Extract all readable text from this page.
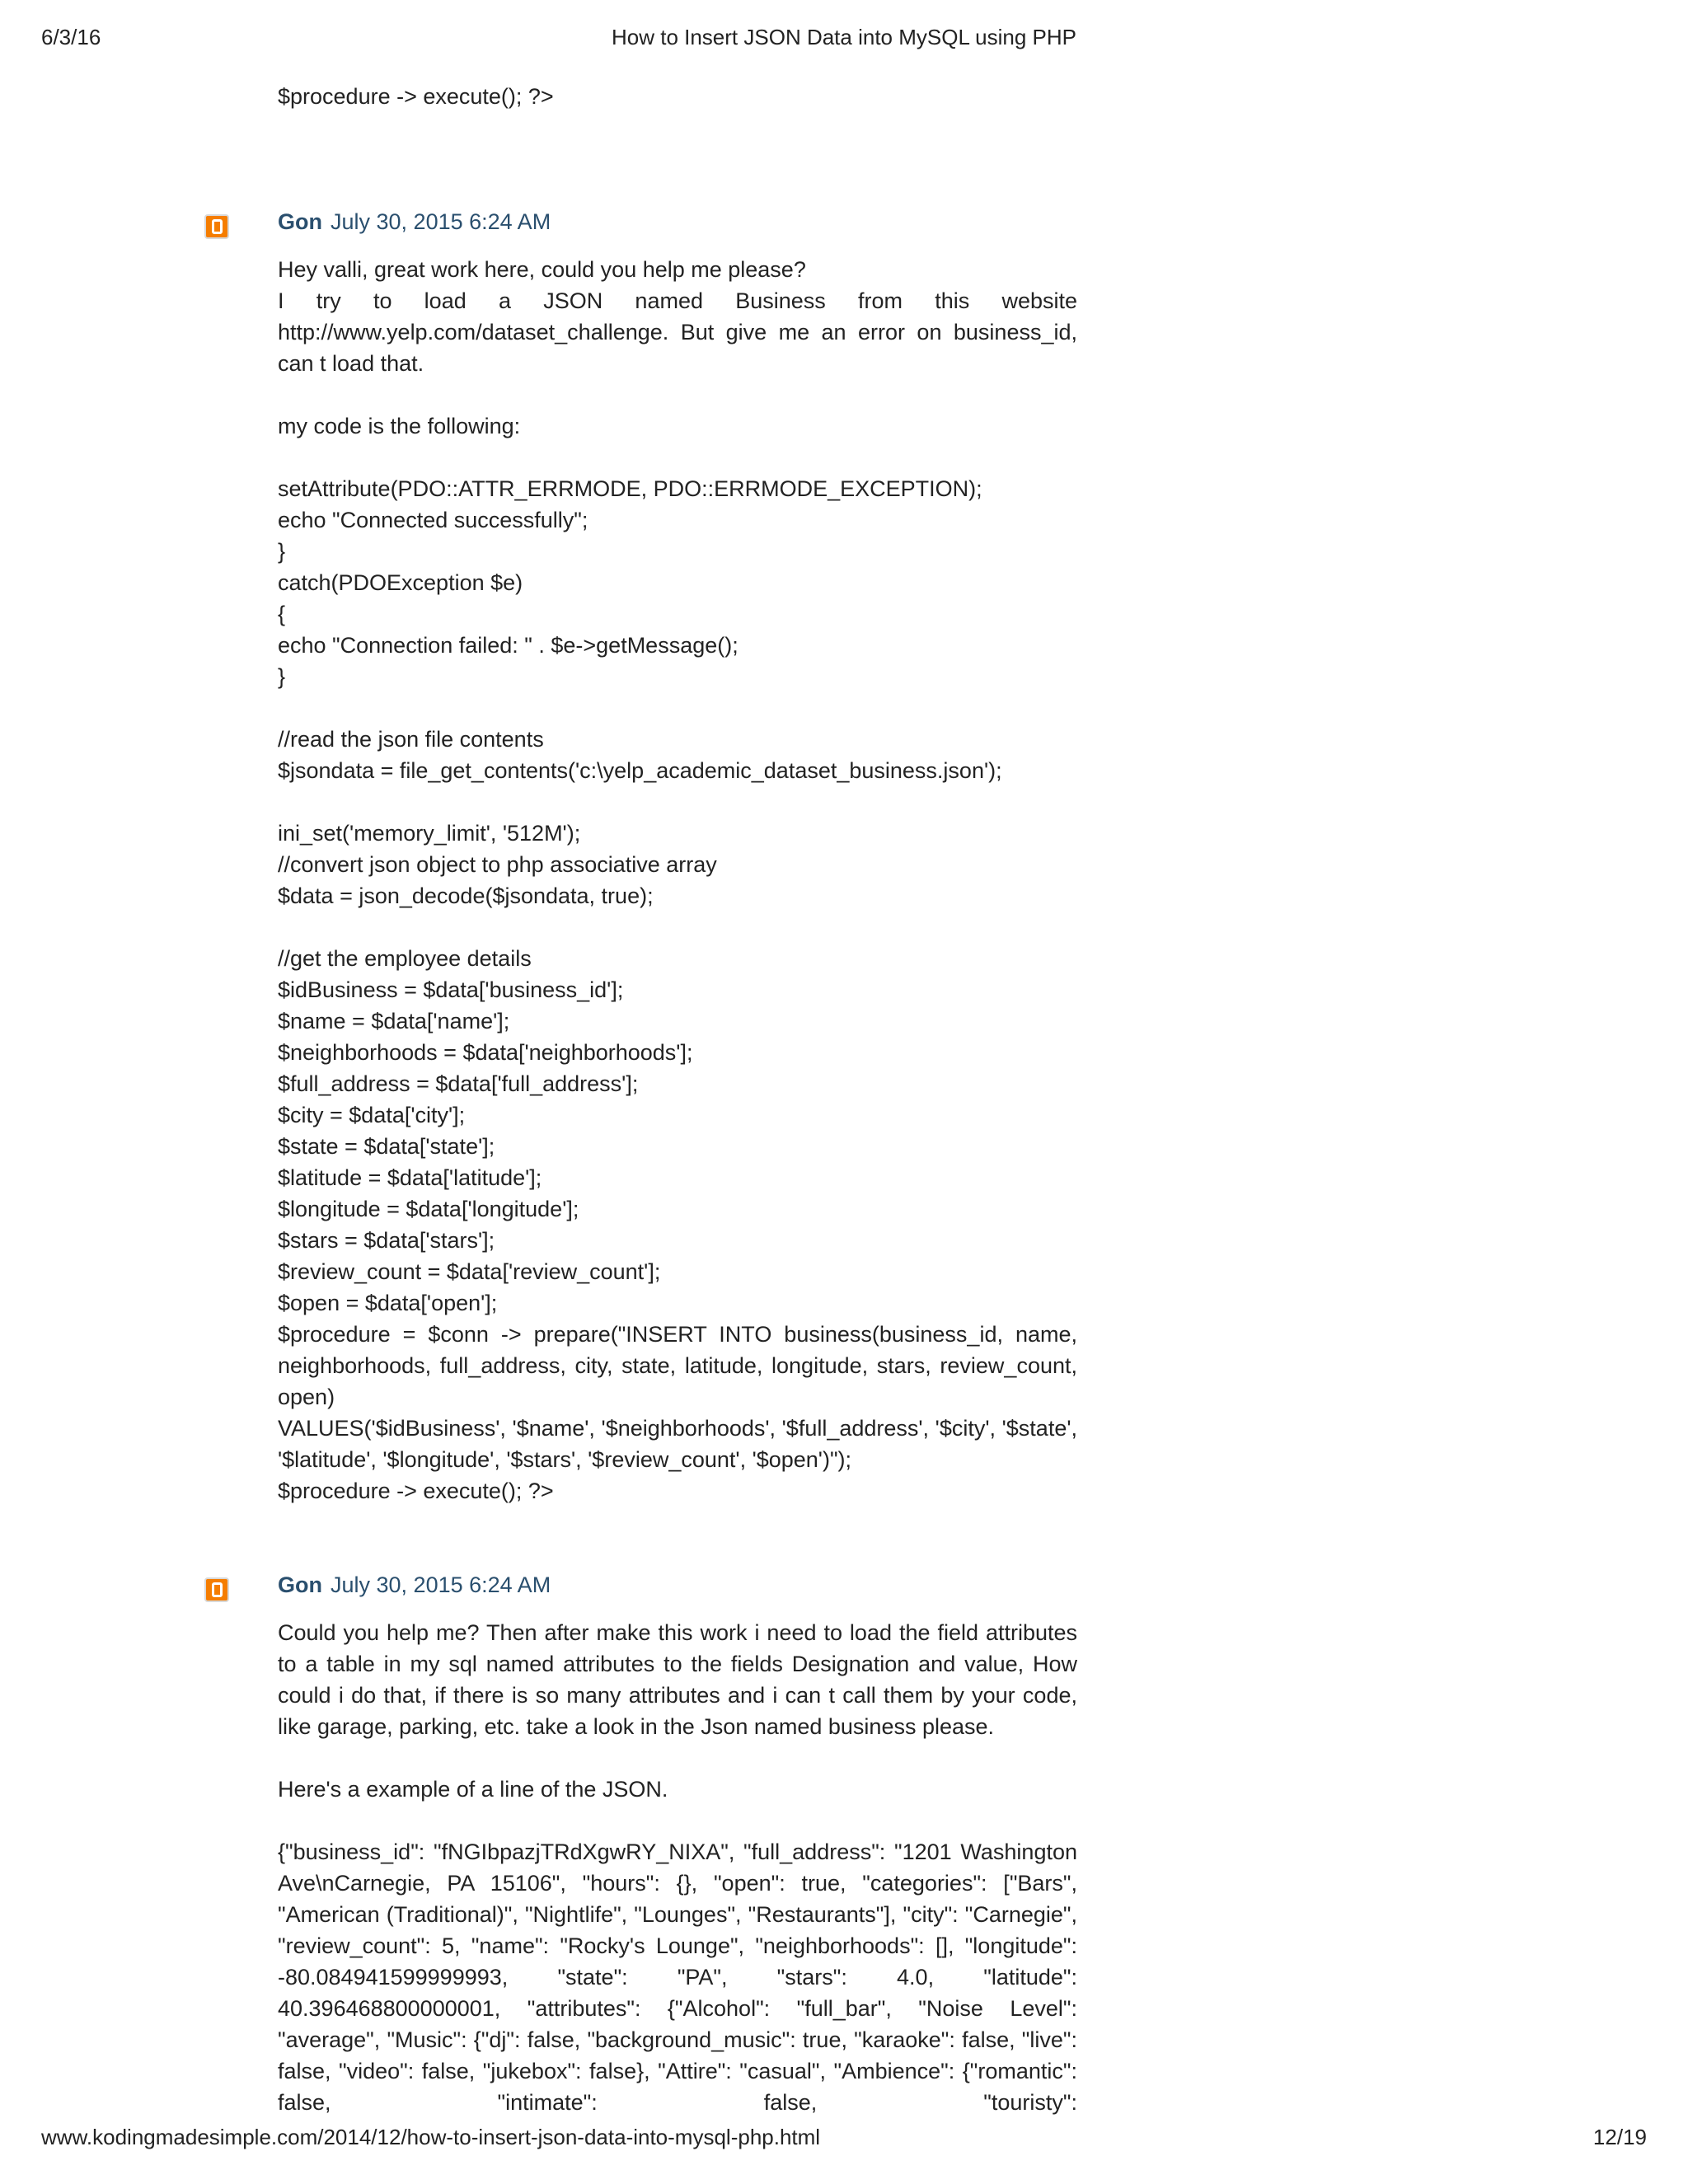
6/3/16	How to Insert JSON Data into MySQL using PHP
$procedure -> execute(); ?>
Gon July 30, 2015 6:24 AM
Hey valli, great work here, could you help me please?
I try to load a JSON named Business from this website http://www.yelp.com/dataset_challenge. But give me an error on business_id, can t load that.
my code is the following:
setAttribute(PDO::ATTR_ERRMODE, PDO::ERRMODE_EXCEPTION);
echo "Connected successfully";
}
catch(PDOException $e)
{
echo "Connection failed: " . $e->getMessage();
}
//read the json file contents
$jsondata = file_get_contents('c:\yelp_academic_dataset_business.json');
ini_set('memory_limit', '512M');
//convert json object to php associative array
$data = json_decode($jsondata, true);
//get the employee details
$idBusiness = $data['business_id'];
$name = $data['name'];
$neighborhoods = $data['neighborhoods'];
$full_address = $data['full_address'];
$city = $data['city'];
$state = $data['state'];
$latitude = $data['latitude'];
$longitude = $data['longitude'];
$stars = $data['stars'];
$review_count = $data['review_count'];
$open = $data['open'];
$procedure = $conn -> prepare("INSERT INTO business(business_id, name, neighborhoods, full_address, city, state, latitude, longitude, stars, review_count, open)
VALUES('$idBusiness', '$name', '$neighborhoods', '$full_address', '$city', '$state', '$latitude', '$longitude', '$stars', '$review_count', '$open')");
$procedure -> execute(); ?>
Gon July 30, 2015 6:24 AM
Could you help me? Then after make this work i need to load the field attributes to a table in my sql named attributes to the fields Designation and value, How could i do that, if there is so many attributes and i can t call them by your code, like garage, parking, etc. take a look in the Json named business please.
Here's a example of a line of the JSON.
{"business_id": "fNGIbpazjTRdXgwRY_NIXA", "full_address": "1201 Washington Ave\nCarnegie, PA 15106", "hours": {}, "open": true, "categories": ["Bars", "American (Traditional)", "Nightlife", "Lounges", "Restaurants"], "city": "Carnegie", "review_count": 5, "name": "Rocky's Lounge", "neighborhoods": [], "longitude": -80.084941599999993, "state": "PA", "stars": 4.0, "latitude": 40.396468800000001, "attributes": {"Alcohol": "full_bar", "Noise Level": "average", "Music": {"dj": false, "background_music": true, "karaoke": false, "live": false, "video": false, "jukebox": false}, "Attire": "casual", "Ambience": {"romantic": false, "intimate": false, "touristy":
www.kodingmadesimple.com/2014/12/how-to-insert-json-data-into-mysql-php.html	12/19
